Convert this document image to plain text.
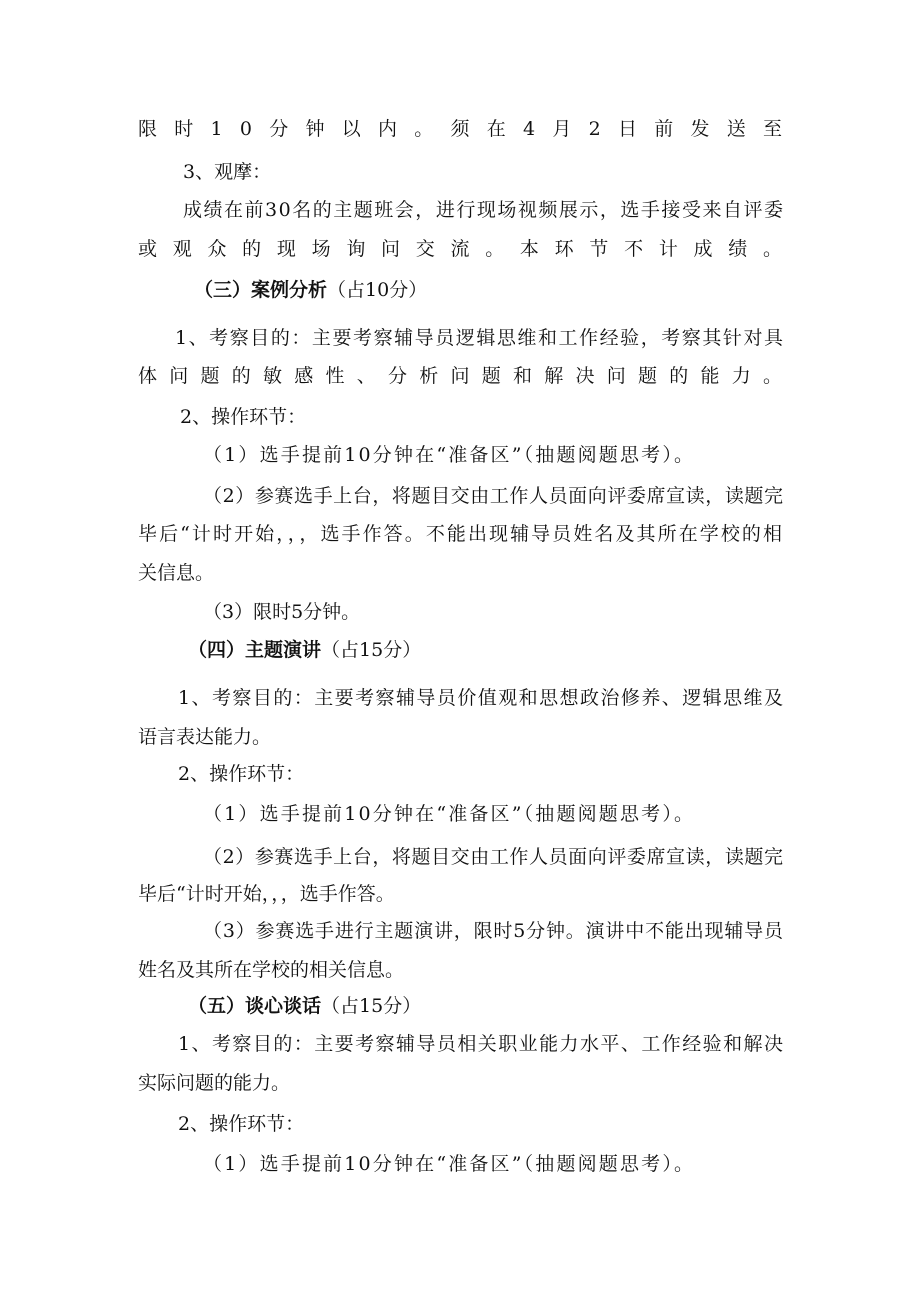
限时10分钟以内。须在4月2日前发送至

3、观摩：

成绩在前30名的主题班会，进行现场视频展示，选手接受来自评委

或观众的现场询问交流。本环节不计成绩。

（三）案例分析（占10分）

1、考察目的：主要考察辅导员逻辑思维和工作经验，考察其针对具

体问题的敏感性、分析问题和解决问题的能力。

2、操作环节：

（1）选手提前10分钟在“准备区”（抽题阅题思考）。

（2）参赛选手上台，将题目交由工作人员面向评委席宣读，读题完

毕后“计时开始，，，选手作答。不能出现辅导员姓名及其所在学校的相

关信息。

（3）限时5分钟。

（四）主题演讲（占15分）

1、考察目的：主要考察辅导员价值观和思想政治修养、逻辑思维及

语言表达能力。

2、操作环节：

（1）选手提前10分钟在“准备区”（抽题阅题思考）。

（2）参赛选手上台，将题目交由工作人员面向评委席宣读，读题完

毕后“计时开始，，，选手作答。

（3）参赛选手进行主题演讲，限时5分钟。演讲中不能出现辅导员

姓名及其所在学校的相关信息。

（五）谈心谈话（占15分）

1、考察目的：主要考察辅导员相关职业能力水平、工作经验和解决

实际问题的能力。

2、操作环节：

（1）选手提前10分钟在“准备区”（抽题阅题思考）。
